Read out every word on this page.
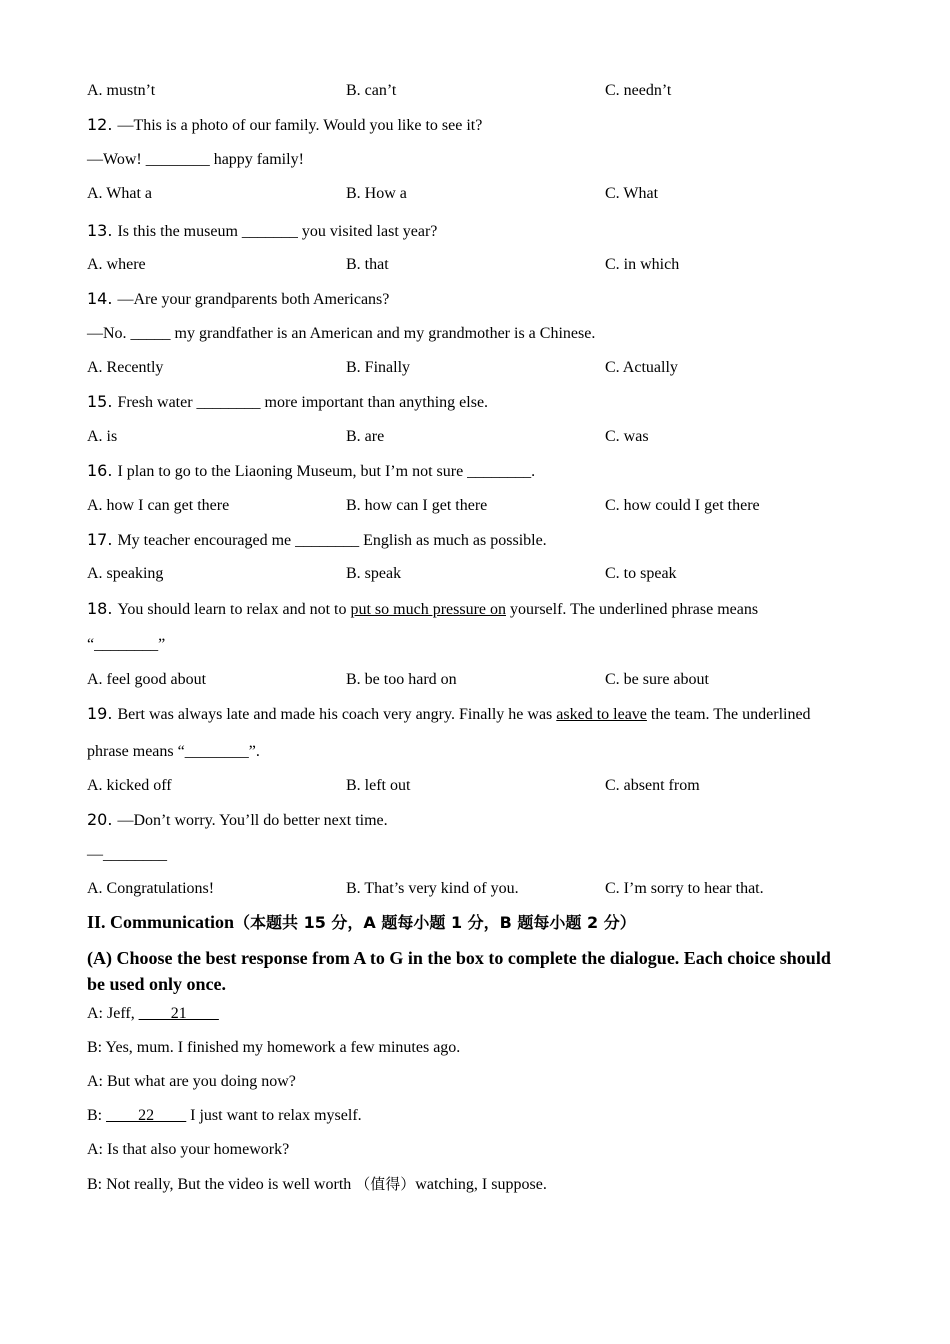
A. mustn’t	B. can’t	C. needn’t
12. —This is a photo of our family. Would you like to see it?
—Wow! ________ happy family!
A. What a	B. How a	C. What
13. Is this the museum _______ you visited last year?
A. where	B. that	C. in which
14. —Are your grandparents both Americans?
—No. _____ my grandfather is an American and my grandmother is a Chinese.
A. Recently	B. Finally	C. Actually
15. Fresh water ________ more important than anything else.
A. is	B. are	C. was
16. I plan to go to the Liaoning Museum, but I’m not sure ________.
A. how I can get there	B. how can I get there	C. how could I get there
17. My teacher encouraged me ________ English as much as possible.
A. speaking	B. speak	C. to speak
18. You should learn to relax and not to put so much pressure on yourself. The underlined phrase means
“________”
A. feel good about	B. be too hard on	C. be sure about
19. Bert was always late and made his coach very angry. Finally he was asked to leave the team. The underlined
phrase means “________”.
A. kicked off	B. left out	C. absent from
20. —Don’t worry. You’ll do better next time.
—________
A. Congratulations!	B. That’s very kind of you.	C. I’m sorry to hear that.
II. Communication（本题共 15 分，A 题每小题 1 分，B 题每小题 2 分）
(A) Choose the best response from A to G in the box to complete the dialogue. Each choice should be used only once.
A: Jeff, ____21____
B: Yes, mum. I finished my homework a few minutes ago.
A: But what are you doing now?
B: ____22____ I just want to relax myself.
A: Is that also your homework?
B: Not really, But the video is well worth （值得）watching, I suppose.
